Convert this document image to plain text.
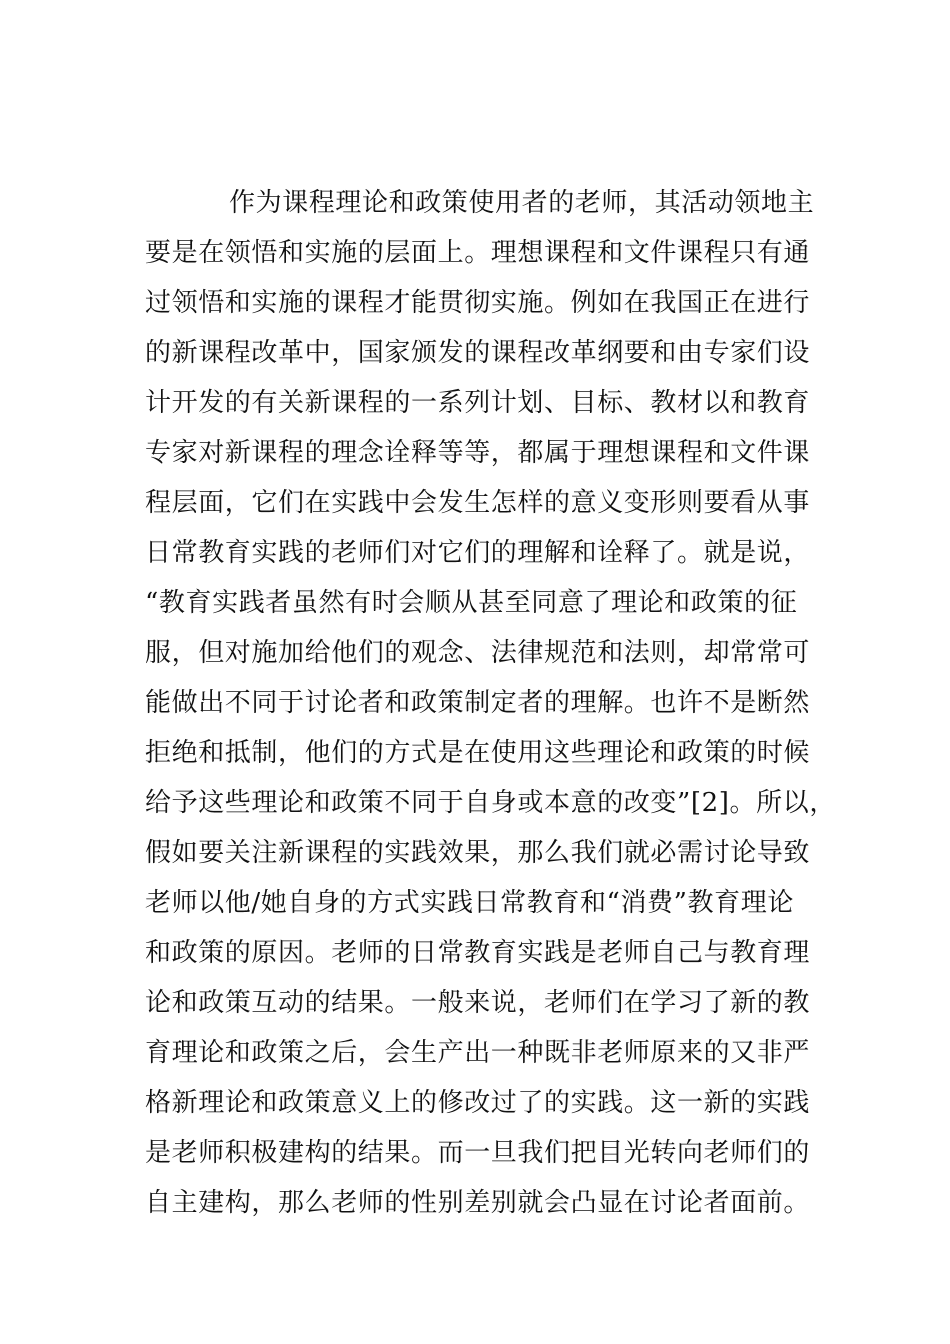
作为课程理论和政策使用者的老师，其活动领地主
要是在领悟和实施的层面上。理想课程和文件课程只有通
过领悟和实施的课程才能贯彻实施。例如在我国正在进行
的新课程改革中，国家颁发的课程改革纲要和由专家们设
计开发的有关新课程的一系列计划、目标、教材以和教育
专家对新课程的理念诠释等等，都属于理想课程和文件课
程层面，它们在实践中会发生怎样的意义变形则要看从事
日常教育实践的老师们对它们的理解和诠释了。就是说，
“教育实践者虽然有时会顺从甚至同意了理论和政策的征
服，但对施加给他们的观念、法律规范和法则，却常常可
能做出不同于讨论者和政策制定者的理解。也许不是断然
拒绝和抵制，他们的方式是在使用这些理论和政策的时候
给予这些理论和政策不同于自身或本意的改变”[2]。所以，
假如要关注新课程的实践效果，那么我们就必需讨论导致
老师以他/她自身的方式实践日常教育和“消费”教育理论
和政策的原因。老师的日常教育实践是老师自己与教育理
论和政策互动的结果。一般来说，老师们在学习了新的教
育理论和政策之后，会生产出一种既非老师原来的又非严
格新理论和政策意义上的修改过了的实践。这一新的实践
是老师积极建构的结果。而一旦我们把目光转向老师们的
自主建构，那么老师的性别差别就会凸显在讨论者面前。
